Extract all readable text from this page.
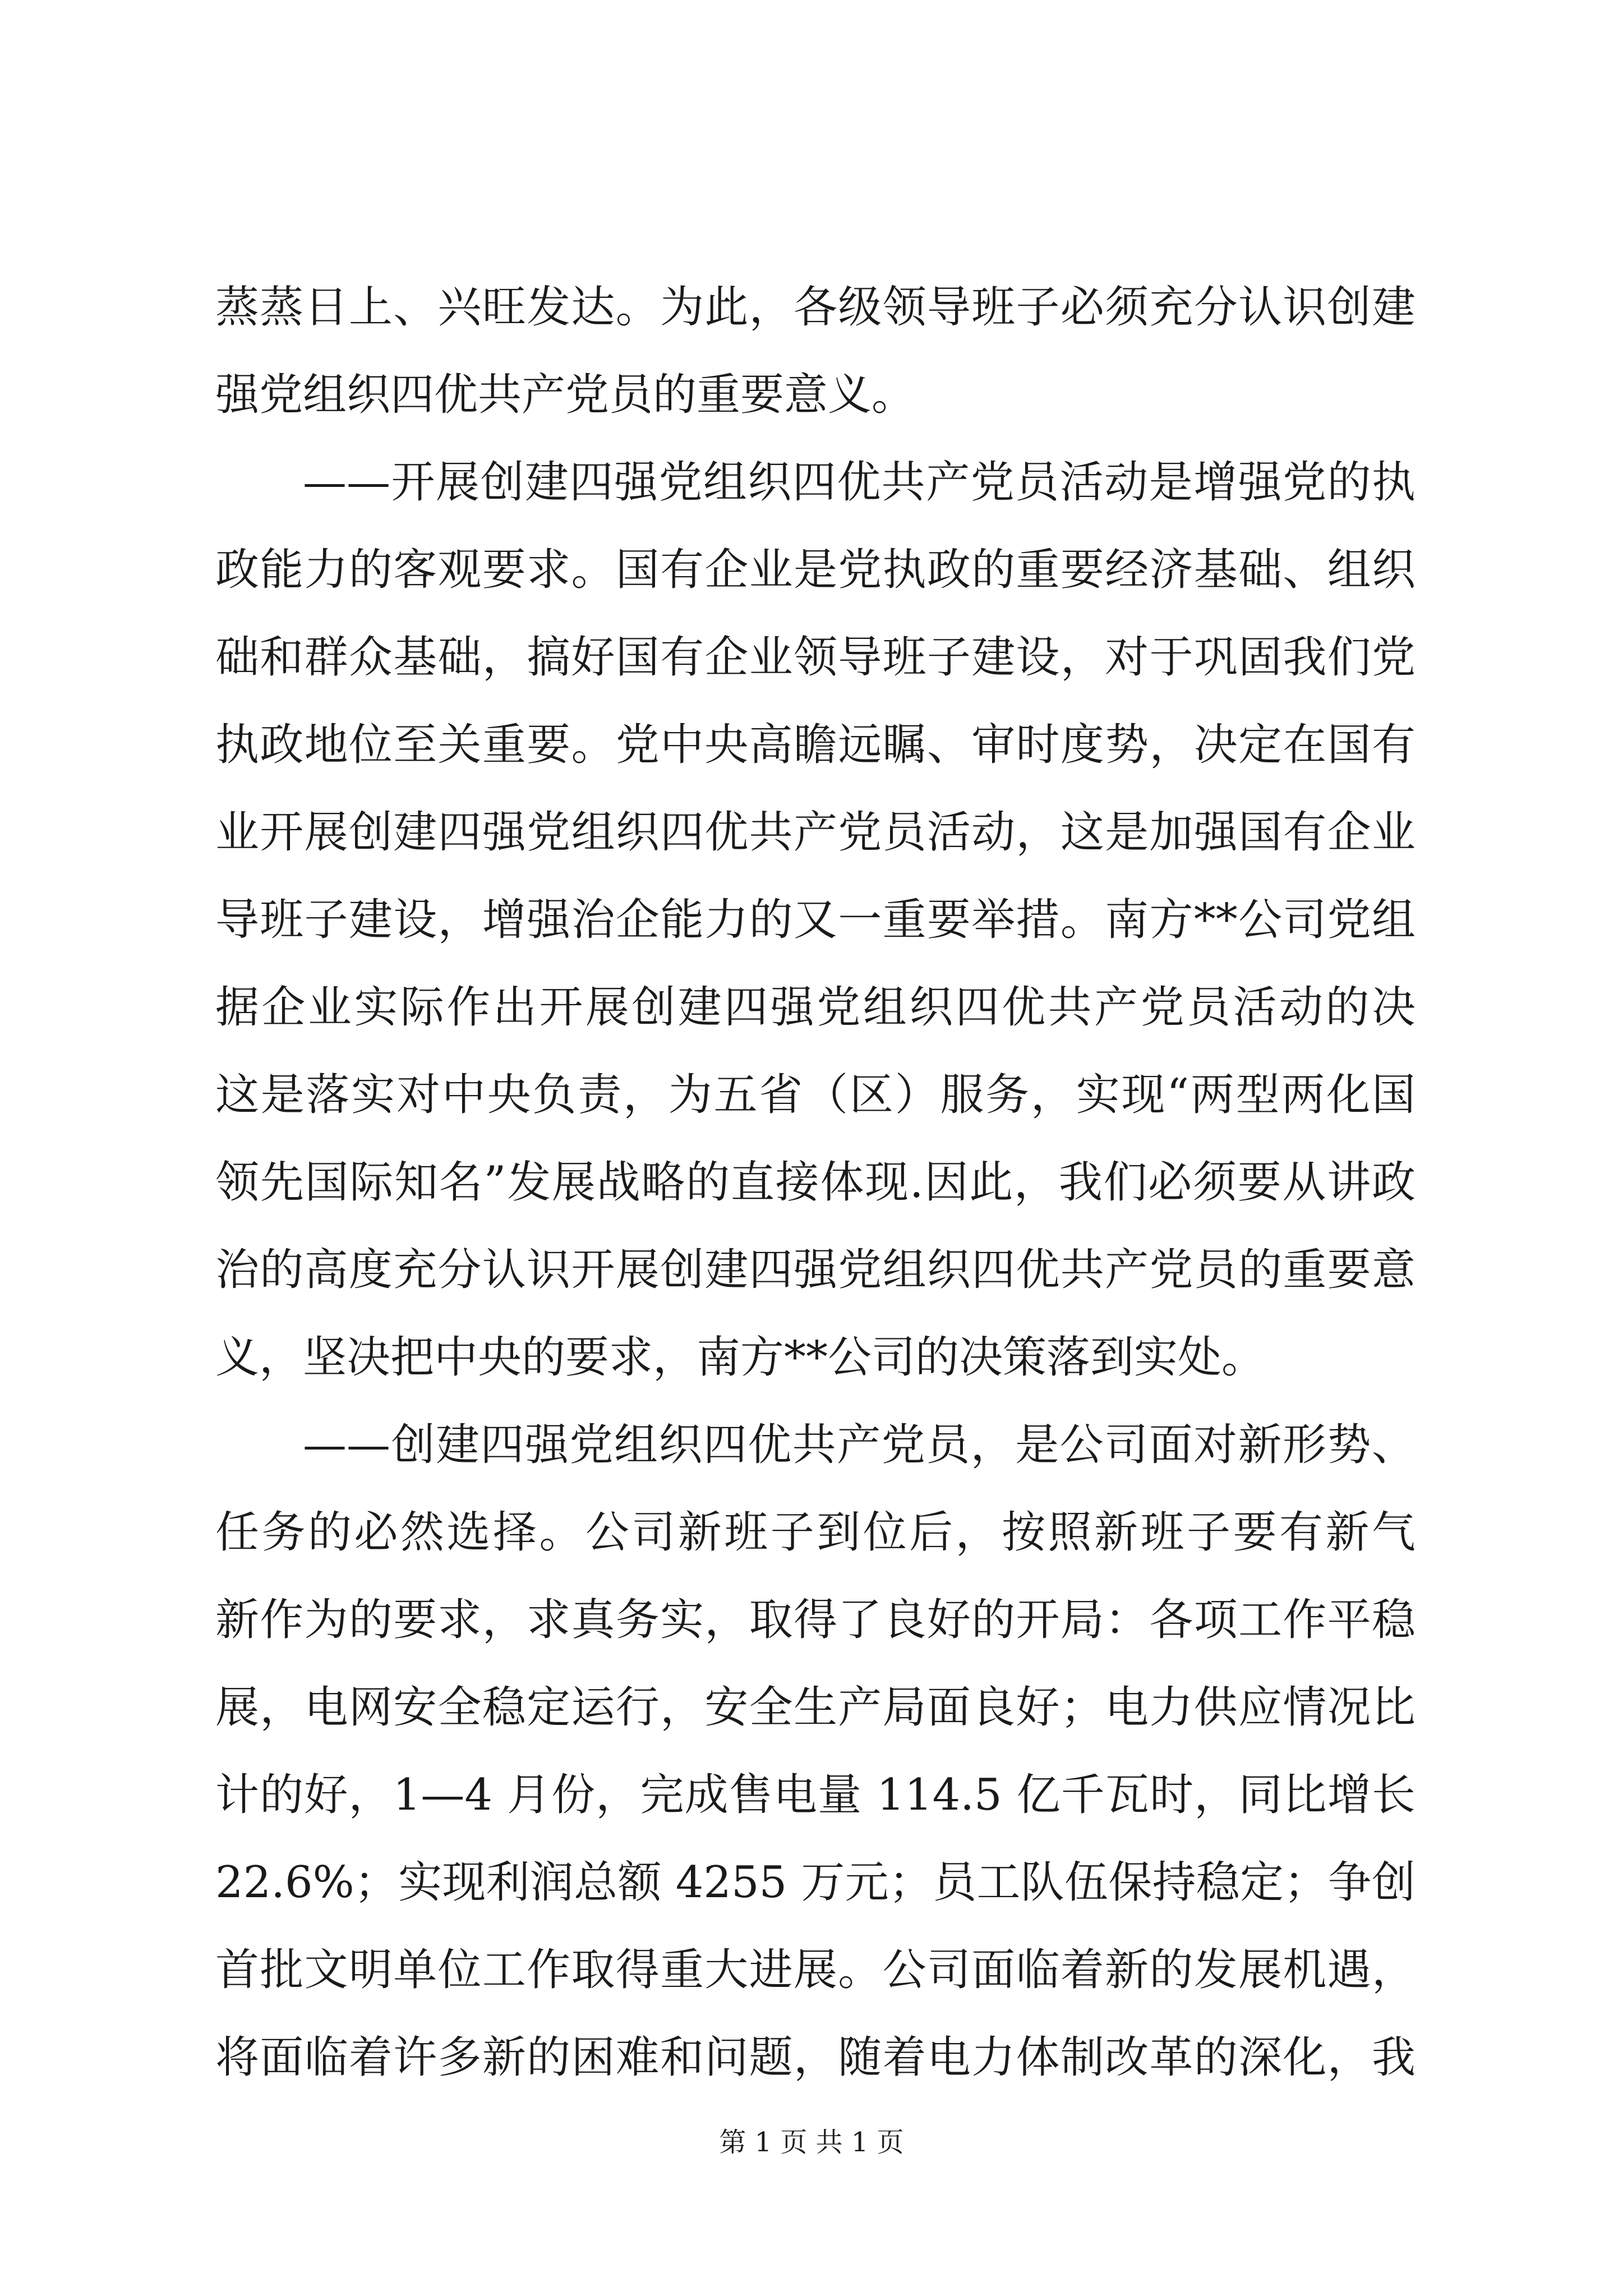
蒸蒸日上、兴旺发达。为此，各级领导班子必须充分认识创建
强党组织四优共产党员的重要意义。
——开展创建四强党组织四优共产党员活动是增强党的执
政能力的客观要求。国有企业是党执政的重要经济基础、组织
础和群众基础，搞好国有企业领导班子建设，对于巩固我们党
执政地位至关重要。党中央高瞻远瞩、审时度势，决定在国有
业开展创建四强党组织四优共产党员活动，这是加强国有企业
导班子建设，增强治企能力的又一重要举措。南方**公司党组
据企业实际作出开展创建四强党组织四优共产党员活动的决
这是落实对中央负责，为五省（区）服务，实现“两型两化国
领先国际知名”发展战略的直接体现.因此，我们必须要从讲政
治的高度充分认识开展创建四强党组织四优共产党员的重要意
义，坚决把中央的要求，南方**公司的决策落到实处。
——创建四强党组织四优共产党员，是公司面对新形势、
任务的必然选择。公司新班子到位后，按照新班子要有新气
新作为的要求，求真务实，取得了良好的开局：各项工作平稳
展，电网安全稳定运行，安全生产局面良好；电力供应情况比
计的好，1—4 月份，完成售电量 114.5 亿千瓦时，同比增长
22.6%；实现利润总额 4255 万元；员工队伍保持稳定；争创
首批文明单位工作取得重大进展。公司面临着新的发展机遇，
将面临着许多新的困难和问题，随着电力体制改革的深化，我
第 1 页 共 1 页
